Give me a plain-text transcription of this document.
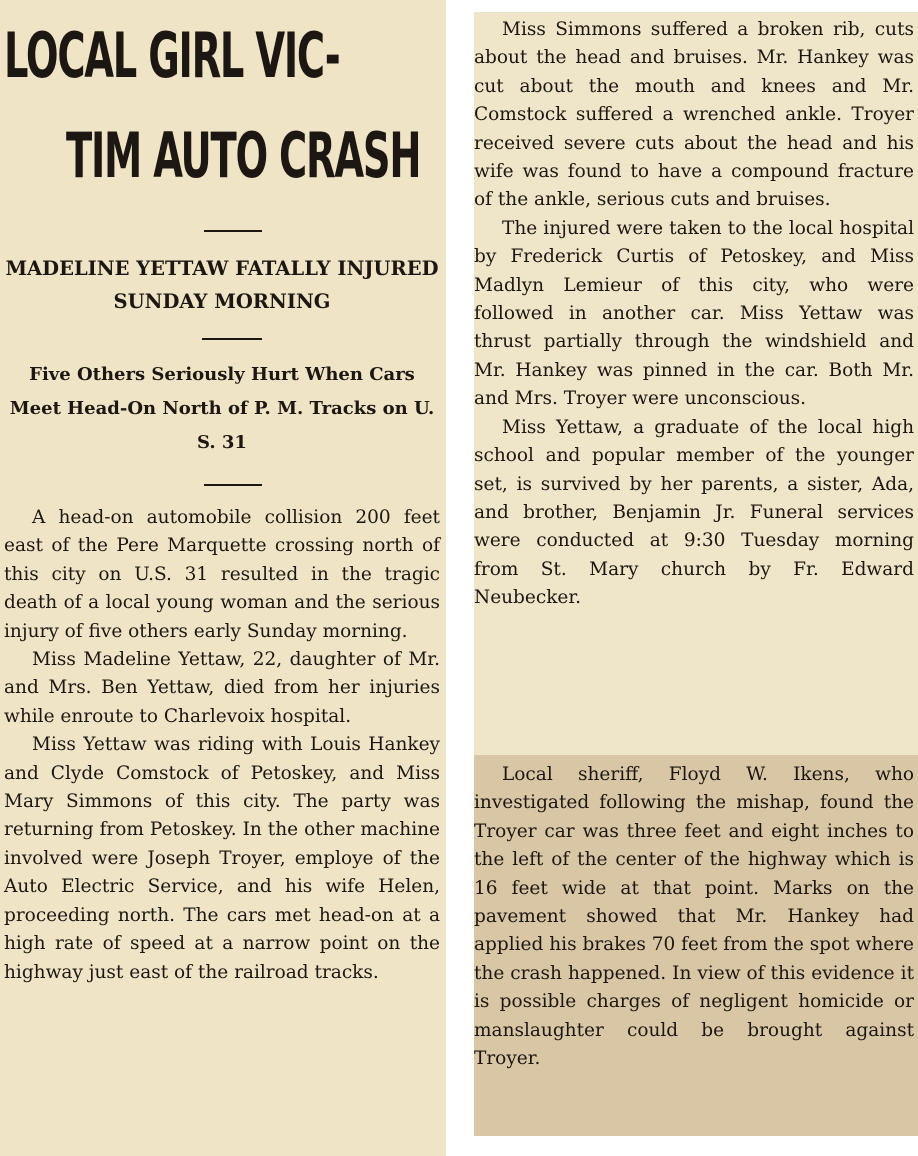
LOCAL GIRL VIC-
TIM AUTO CRASH
MADELINE YETTAW FATALLY INJURED SUNDAY MORNING
Five Others Seriously Hurt When Cars Meet Head-On North of P. M. Tracks on U. S. 31

A head-on automobile collision 200 feet east of the Pere Marquette crossing north of this city on U.S. 31 resulted in the tragic death of a local young woman and the serious injury of five others early Sunday morning.

Miss Madeline Yettaw, 22, daughter of Mr. and Mrs. Ben Yettaw, died from her injuries while enroute to Charlevoix hospital.

Miss Yettaw was riding with Louis Hankey and Clyde Comstock of Petoskey, and Miss Mary Simmons of this city. The party was returning from Petoskey. In the other machine involved were Joseph Troyer, employe of the Auto Electric Service, and his wife Helen, proceeding north. The cars met head-on at a high rate of speed at a narrow point on the highway just east of the railroad tracks.

Miss Simmons suffered a broken rib, cuts about the head and bruises. Mr. Hankey was cut about the mouth and knees and Mr. Comstock suffered a wrenched ankle. Troyer received severe cuts about the head and his wife was found to have a compound fracture of the ankle, serious cuts and bruises.

The injured were taken to the local hospital by Frederick Curtis of Petoskey, and Miss Madlyn Lemieur of this city, who were followed in another car. Miss Yettaw was thrust partially through the windshield and Mr. Hankey was pinned in the car. Both Mr. and Mrs. Troyer were unconscious.

Miss Yettaw, a graduate of the local high school and popular member of the younger set, is survived by her parents, a sister, Ada, and brother, Benjamin Jr. Funeral services were conducted at 9:30 Tuesday morning from St. Mary church by Fr. Edward Neubecker.

Local sheriff, Floyd W. Ikens, who investigated following the mishap, found the Troyer car was three feet and eight inches to the left of the center of the highway which is 16 feet wide at that point. Marks on the pavement showed that Mr. Hankey had applied his brakes 70 feet from the spot where the crash happened. In view of this evidence it is possible charges of negligent homicide or manslaughter could be brought against Troyer.
